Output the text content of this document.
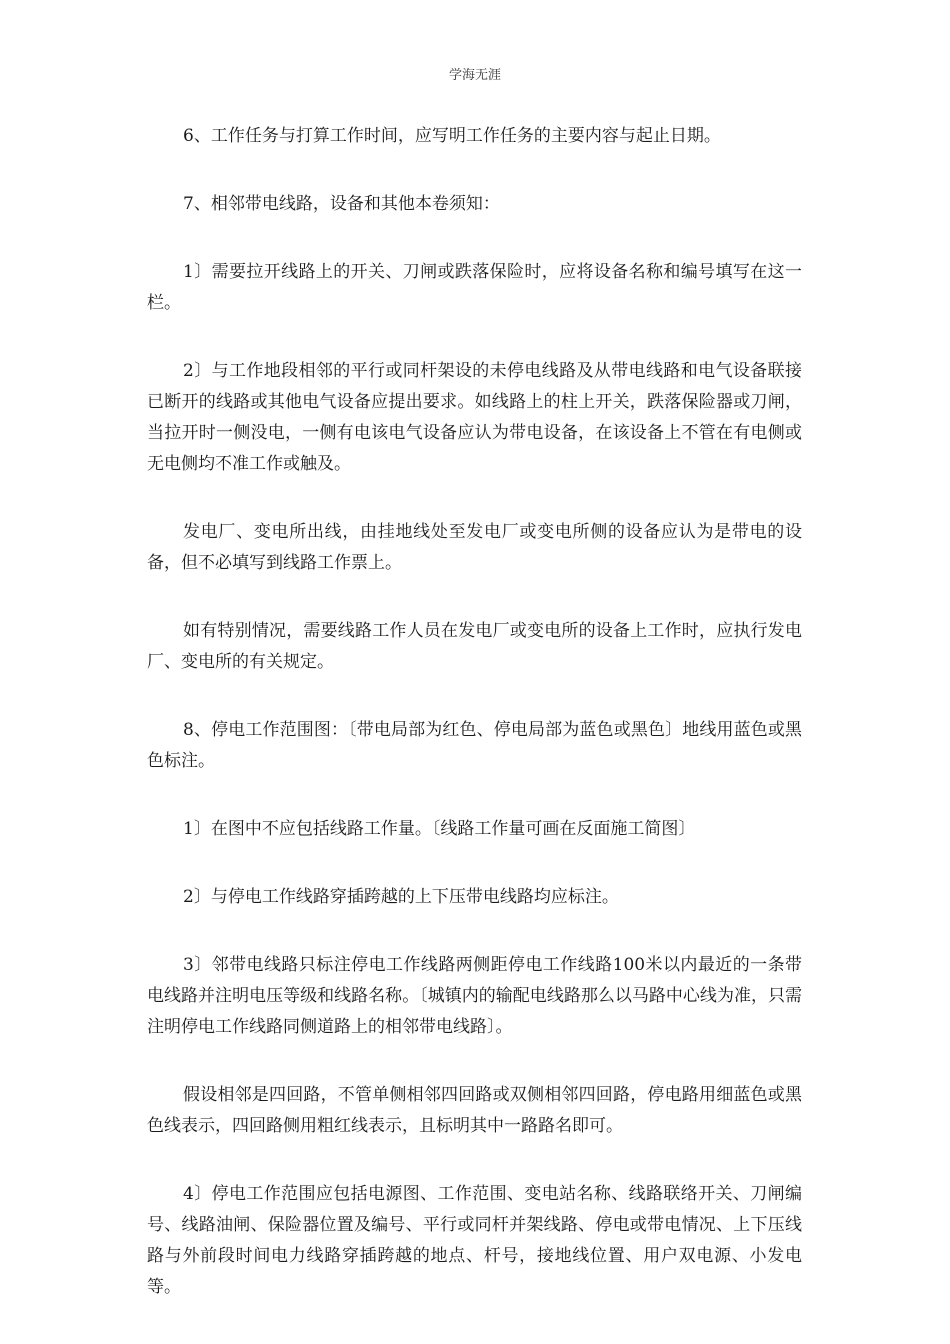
学海无涯

6、工作任务与打算工作时间，应写明工作任务的主要内容与起止日期。

7、相邻带电线路，设备和其他本卷须知：

1〕需要拉开线路上的开关、刀闸或跌落保险时，应将设备名称和编号填写在这一栏。

2〕与工作地段相邻的平行或同杆架设的未停电线路及从带电线路和电气设备联接已断开的线路或其他电气设备应提出要求。如线路上的柱上开关，跌落保险器或刀闸，当拉开时一侧没电，一侧有电该电气设备应认为带电设备，在该设备上不管在有电侧或无电侧均不准工作或触及。

发电厂、变电所出线，由挂地线处至发电厂或变电所侧的设备应认为是带电的设备，但不必填写到线路工作票上。

如有特别情况，需要线路工作人员在发电厂或变电所的设备上工作时，应执行发电厂、变电所的有关规定。

8、停电工作范围图：〔带电局部为红色、停电局部为蓝色或黑色〕地线用蓝色或黑色标注。

1〕在图中不应包括线路工作量。〔线路工作量可画在反面施工简图〕

2〕与停电工作线路穿插跨越的上下压带电线路均应标注。

3〕邻带电线路只标注停电工作线路两侧距停电工作线路100米以内最近的一条带电线路并注明电压等级和线路名称。〔城镇内的输配电线路那么以马路中心线为准，只需注明停电工作线路同侧道路上的相邻带电线路〕。

假设相邻是四回路，不管单侧相邻四回路或双侧相邻四回路，停电路用细蓝色或黑色线表示，四回路侧用粗红线表示，且标明其中一路路名即可。

4〕停电工作范围应包括电源图、工作范围、变电站名称、线路联络开关、刀闸编号、线路油闸、保险器位置及编号、平行或同杆并架线路、停电或带电情况、上下压线路与外前段时间电力线路穿插跨越的地点、杆号，接地线位置、用户双电源、小发电等。
